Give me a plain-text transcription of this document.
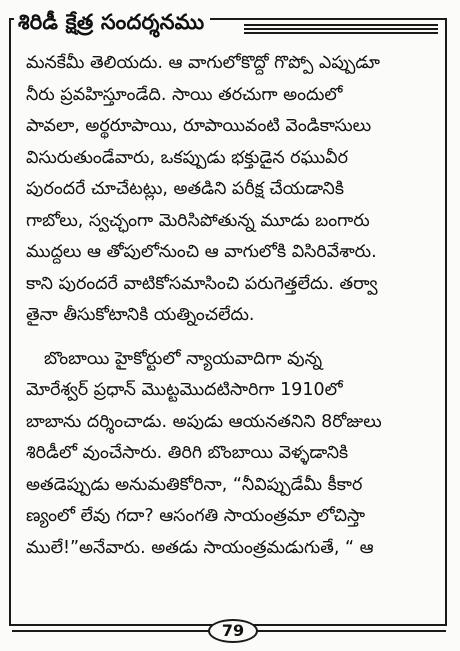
శిరిడీ క్షేత్ర సందర్శనము
మనకేమీ తెలియదు. ఆ వాగులోకొద్దో గొప్పో ఎప్పుడూ
నీరు ప్రవహిస్తూండేది. సాయి తరచుగా అందులో
పావలా, అర్థరూపాయి, రూపాయివంటి వెండికాసులు
విసురుతుండేవారు, ఒకప్పుడు భక్తుడైన రఘువీర
పురందరే చూచేటట్లు, అతడిని పరీక్ష చేయడానికి
గాబోలు, స్వచ్ఛంగా మెరిసిపోతున్న మూడు బంగారు
ముద్దలు ఆ తోపులోనుంచి ఆ వాగులోకి విసిరివేశారు.
కాని పురందరే వాటికోసమాసించి పరుగెత్తలేదు. తర్వా
తైనా తీసుకోటానికి యత్నించలేదు.
బొంబాయి హైకోర్టులో న్యాయవాదిగా వున్న
మోరేశ్వర్ ప్రధాన్ మొట్టమొదటిసారిగా 1910లో
బాబాను దర్శించాడు. అపుడు ఆయనతనిని 8రోజులు
శిరిడీలో వుంచేసారు. తిరిగి బొంబాయి వెళ్ళడానికి
అతడెప్పుడు అనుమతికోరినా, “నీవిప్పుడేమీ కీకార
ణ్యంలో లేవు గదా? ఆసంగతి సాయంత్రమా లోచిస్తా
ములే!”అనేవారు. అతడు సాయంత్రమడుగుతే, “ ఆ
79
